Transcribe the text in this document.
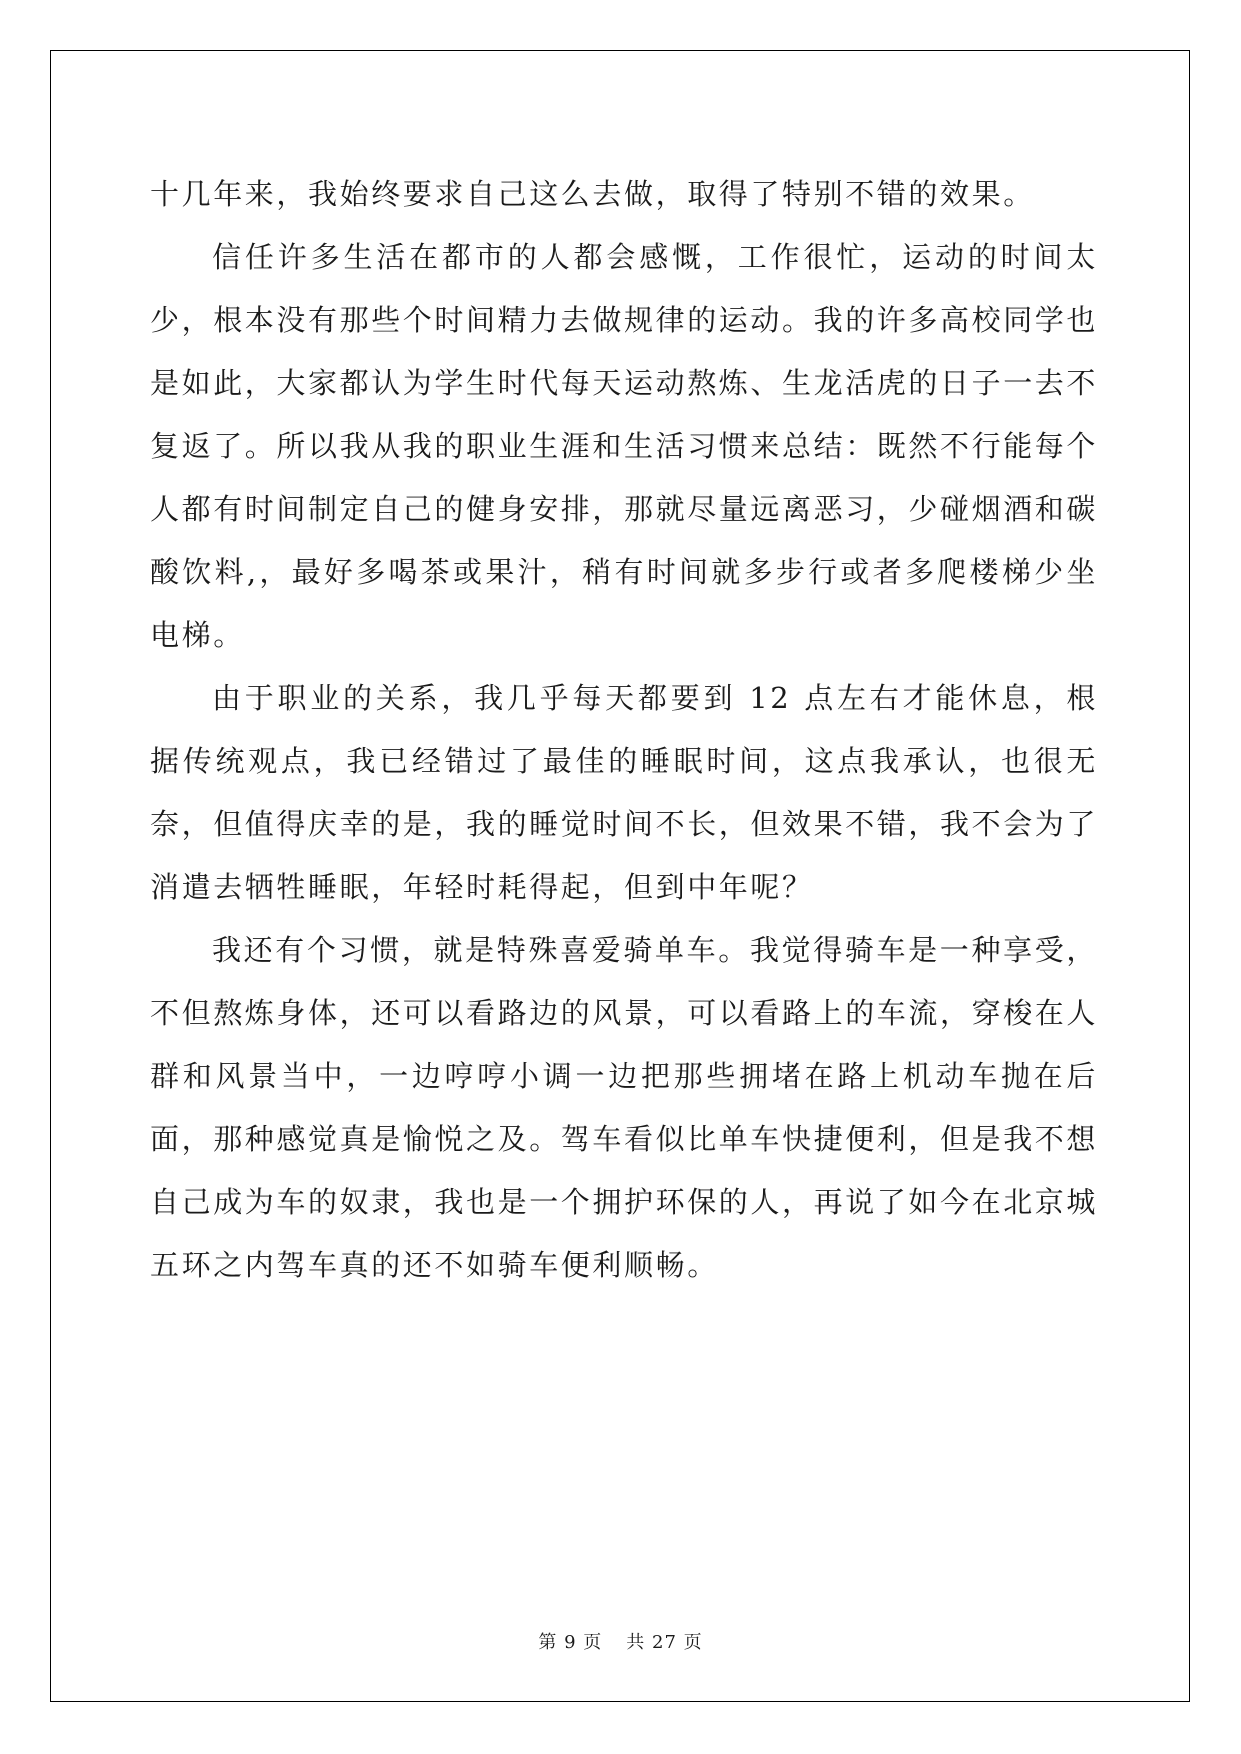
十几年来，我始终要求自己这么去做，取得了特别不错的效果。

信任许多生活在都市的人都会感慨，工作很忙，运动的时间太少，根本没有那些个时间精力去做规律的运动。我的许多高校同学也是如此，大家都认为学生时代每天运动熬炼、生龙活虎的日子一去不复返了。所以我从我的职业生涯和生活习惯来总结：既然不行能每个人都有时间制定自己的健身安排，那就尽量远离恶习，少碰烟酒和碳酸饮料,，最好多喝茶或果汁，稍有时间就多步行或者多爬楼梯少坐电梯。

由于职业的关系，我几乎每天都要到 12 点左右才能休息，根据传统观点，我已经错过了最佳的睡眠时间，这点我承认，也很无奈，但值得庆幸的是，我的睡觉时间不长，但效果不错，我不会为了消遣去牺牲睡眠，年轻时耗得起，但到中年呢？

我还有个习惯，就是特殊喜爱骑单车。我觉得骑车是一种享受，不但熬炼身体，还可以看路边的风景，可以看路上的车流，穿梭在人群和风景当中，一边哼哼小调一边把那些拥堵在路上机动车抛在后面，那种感觉真是愉悦之及。驾车看似比单车快捷便利，但是我不想自己成为车的奴隶，我也是一个拥护环保的人，再说了如今在北京城五环之内驾车真的还不如骑车便利顺畅。

第 9 页 共 27 页
